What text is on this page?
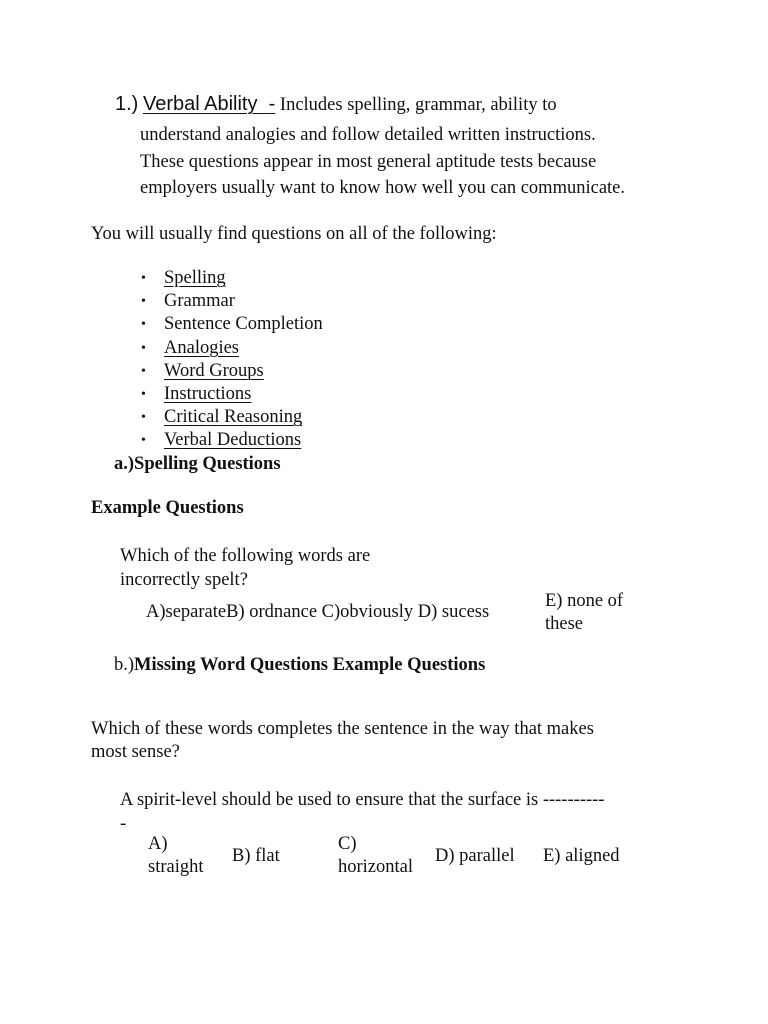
1.) Verbal Ability - Includes spelling, grammar, ability to
understand analogies and follow detailed written instructions.
These questions appear in most general aptitude tests because
employers usually want to know how well you can communicate.

You will usually find questions on all of the following:

• Spelling
• Grammar
• Sentence Completion
• Analogies
• Word Groups
• Instructions
• Critical Reasoning
• Verbal Deductions
a.)Spelling Questions
Example Questions
Which of the following words are
incorrectly spelt?
A)separateB) ordnance C)obviously D) sucess
E) none of
these
b.)Missing Word Questions Example Questions
Which of these words completes the sentence in the way that makes
most sense?
A spirit-level should be used to ensure that the surface is ----------
-
A)
straight
B) flat
C)
horizontal
D) parallel E) aligned
